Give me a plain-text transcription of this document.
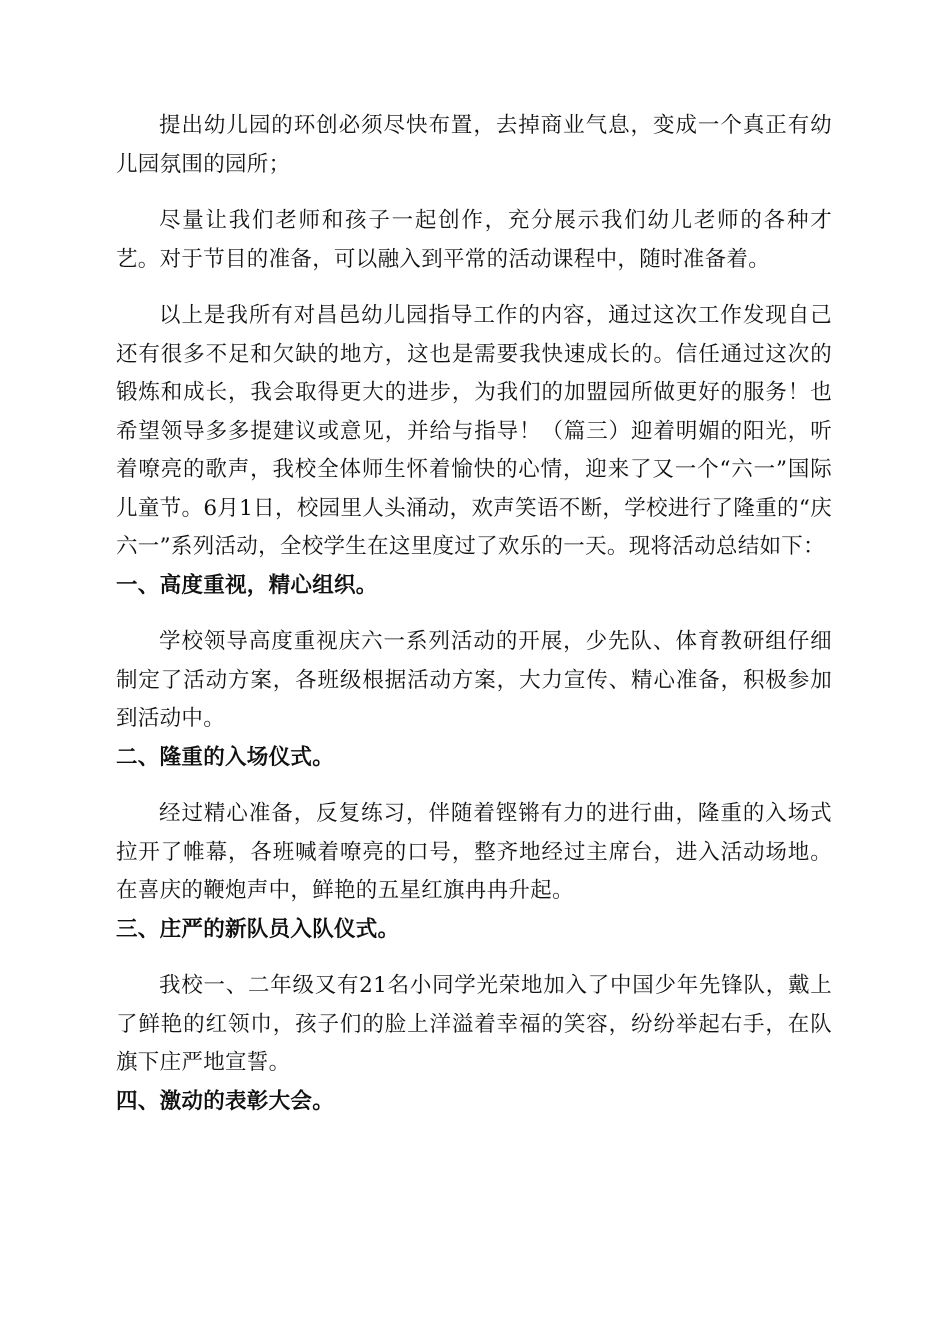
提出幼儿园的环创必须尽快布置，去掉商业气息，变成一个真正有幼儿园氛围的园所；

尽量让我们老师和孩子一起创作，充分展示我们幼儿老师的各种才艺。对于节目的准备，可以融入到平常的活动课程中，随时准备着。

以上是我所有对昌邑幼儿园指导工作的内容，通过这次工作发现自己还有很多不足和欠缺的地方，这也是需要我快速成长的。信任通过这次的锻炼和成长，我会取得更大的进步，为我们的加盟园所做更好的服务！也希望领导多多提建议或意见，并给与指导！（篇三）迎着明媚的阳光，听着嘹亮的歌声，我校全体师生怀着愉快的心情，迎来了又一个“六一”国际儿童节。6月1日，校园里人头涌动，欢声笑语不断，学校进行了隆重的“庆六一”系列活动，全校学生在这里度过了欢乐的一天。现将活动总结如下：

一、高度重视，精心组织。

学校领导高度重视庆六一系列活动的开展，少先队、体育教研组仔细制定了活动方案，各班级根据活动方案，大力宣传、精心准备，积极参加到活动中。

二、隆重的入场仪式。

经过精心准备，反复练习，伴随着铿锵有力的进行曲，隆重的入场式拉开了帷幕，各班喊着嘹亮的口号，整齐地经过主席台，进入活动场地。在喜庆的鞭炮声中，鲜艳的五星红旗冉冉升起。

三、庄严的新队员入队仪式。

我校一、二年级又有21名小同学光荣地加入了中国少年先锋队，戴上了鲜艳的红领巾，孩子们的脸上洋溢着幸福的笑容，纷纷举起右手，在队旗下庄严地宣誓。

四、激动的表彰大会。
